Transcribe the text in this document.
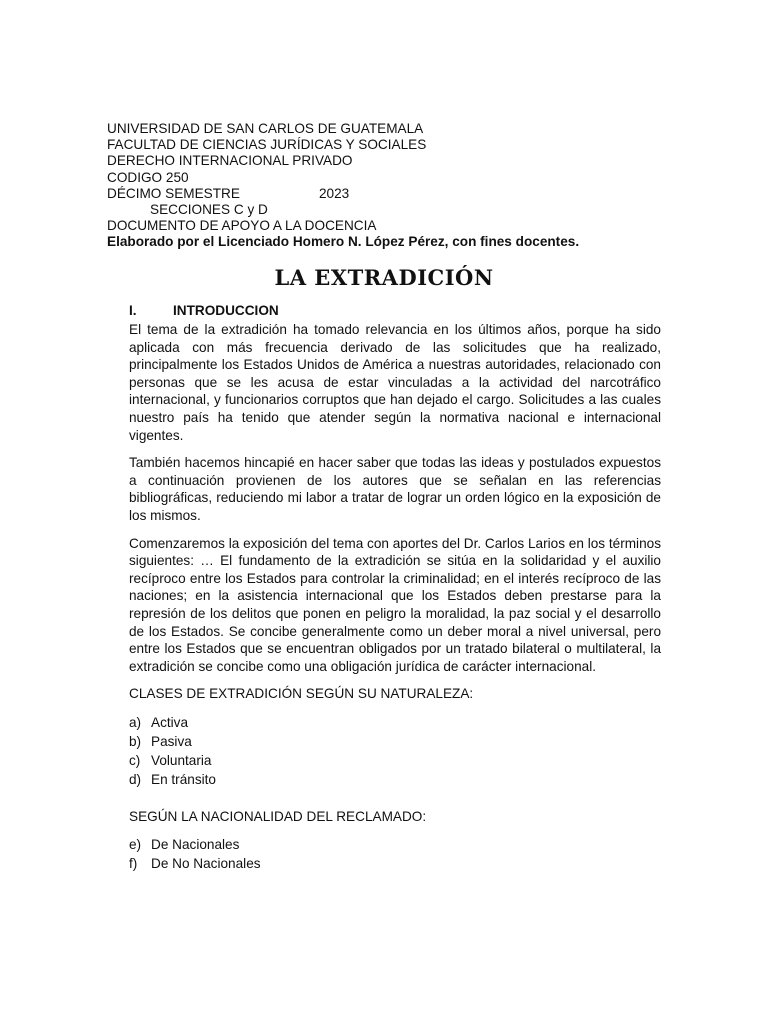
UNIVERSIDAD DE SAN CARLOS DE GUATEMALA
FACULTAD DE CIENCIAS JURÍDICAS Y SOCIALES
DERECHO INTERNACIONAL PRIVADO
CODIGO 250
DÉCIMO SEMESTRE	2023
SECCIONES C y D
DOCUMENTO DE APOYO A LA DOCENCIA
Elaborado por el Licenciado Homero N. López Pérez, con fines docentes.
LA EXTRADICIÓN
I.	INTRODUCCION

El tema de la extradición ha tomado relevancia en los últimos años, porque ha sido aplicada con más frecuencia derivado de las solicitudes que ha realizado, principalmente los Estados Unidos de América a nuestras autoridades, relacionado con personas que se les acusa de estar vinculadas a la actividad del narcotráfico internacional, y funcionarios corruptos que han dejado el cargo. Solicitudes a las cuales nuestro país ha tenido que atender según la normativa nacional e internacional vigentes.

También hacemos hincapié en hacer saber que todas las ideas y postulados expuestos a continuación provienen de los autores que se señalan en las referencias bibliográficas, reduciendo mi labor a tratar de lograr un orden lógico en la exposición de los mismos.

Comenzaremos la exposición del tema con aportes del Dr. Carlos Larios en los términos siguientes: … El fundamento de la extradición se sitúa en la solidaridad y el auxilio recíproco entre los Estados para controlar la criminalidad; en el interés recíproco de las naciones; en la asistencia internacional que los Estados deben prestarse para la represión de los delitos que ponen en peligro la moralidad, la paz social y el desarrollo de los Estados. Se concibe generalmente como un deber moral a nivel universal, pero entre los Estados que se encuentran obligados por un tratado bilateral o multilateral, la extradición se concibe como una obligación jurídica de carácter internacional.

CLASES DE EXTRADICIÓN SEGÚN SU NATURALEZA:

a) Activa
b) Pasiva
c) Voluntaria
d) En tránsito

SEGÚN LA NACIONALIDAD DEL RECLAMADO:

e) De Nacionales
f)	De No Nacionales
